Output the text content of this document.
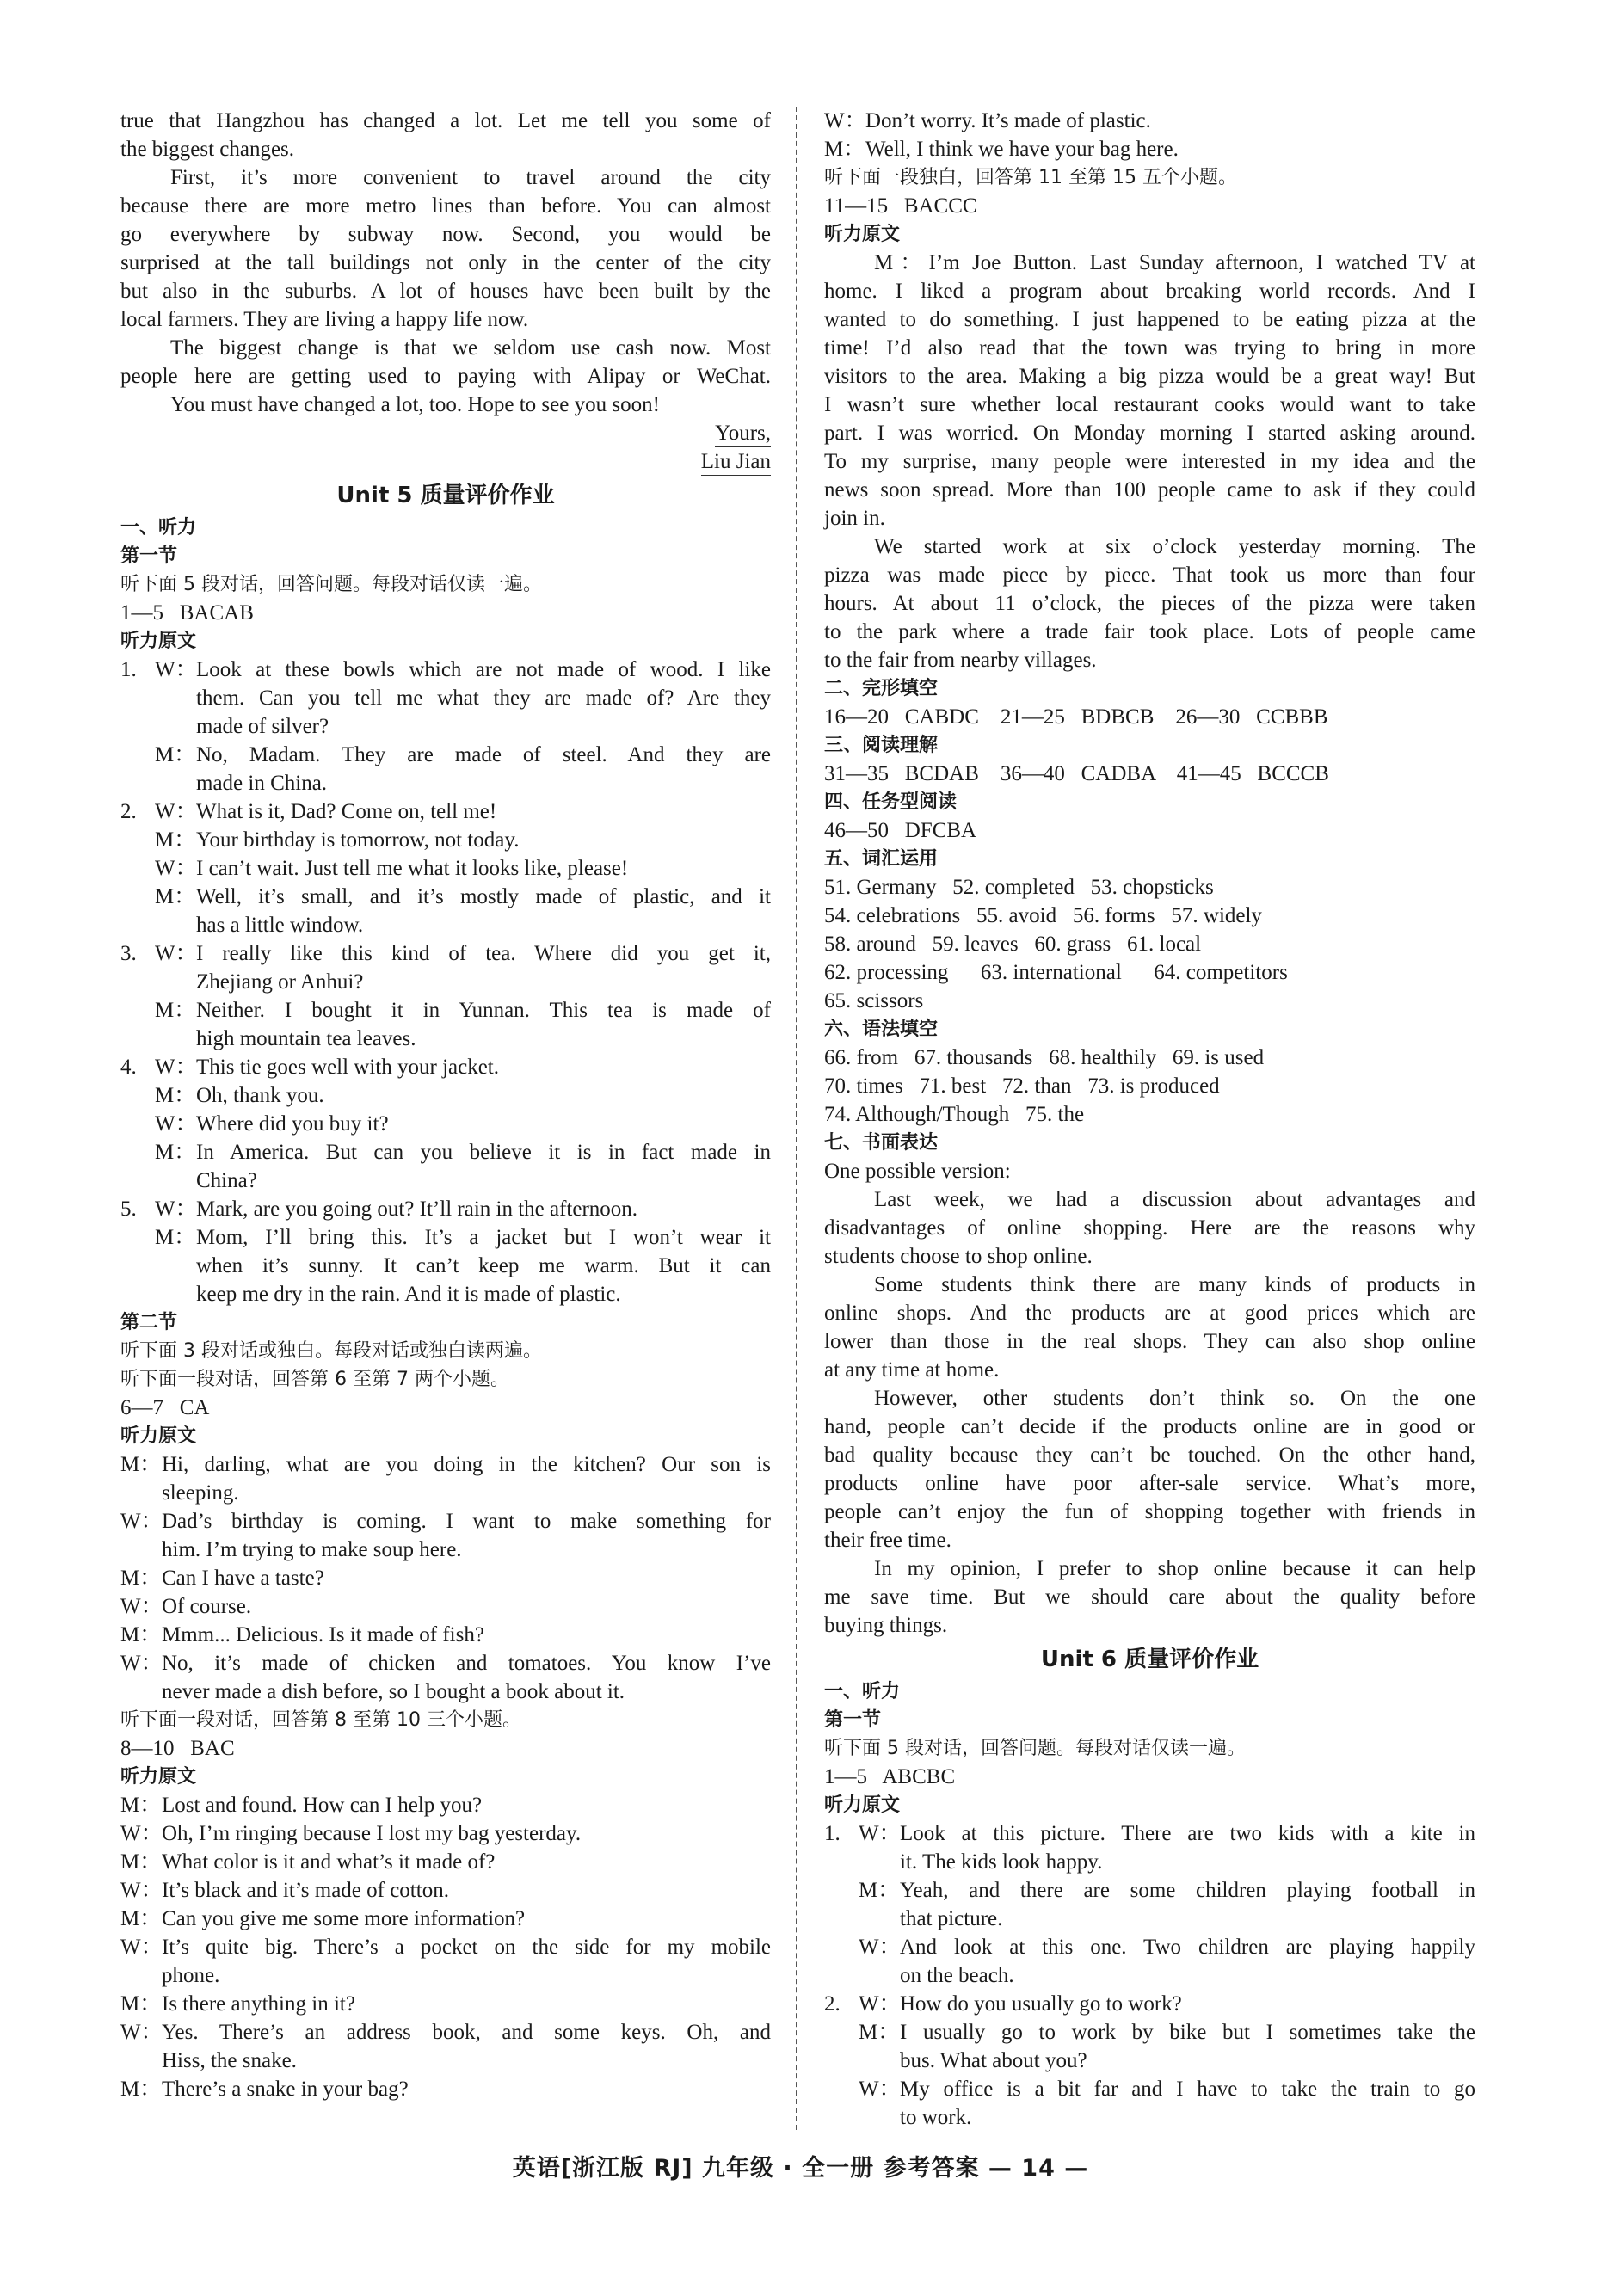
true that Hangzhou has changed a lot. Let me tell you some of
the biggest changes.
First, it’s more convenient to travel around the city
because there are more metro lines than before. You can almost
go everywhere by subway now. Second, you would be
surprised at the tall buildings not only in the center of the city
but also in the suburbs. A lot of houses have been built by the
local farmers. They are living a happy life now.
The biggest change is that we seldom use cash now. Most
people here are getting used to paying with Alipay or WeChat.
You must have changed a lot, too. Hope to see you soon!
Yours,
Liu Jian
Unit 5 质量评价作业
一、听力
第一节
听下面 5 段对话，回答问题。每段对话仅读一遍。
1—5   BACAB
听力原文
1. W： Look at these bowls which are not made of wood. I like
them. Can you tell me what they are made of? Are they
made of silver?
M： No, Madam. They are made of steel. And they are
made in China.
2. W： What is it, Dad? Come on, tell me!
M： Your birthday is tomorrow, not today.
W： I can’t wait. Just tell me what it looks like, please!
M： Well, it’s small, and it’s mostly made of plastic, and it
has a little window.
3. W： I really like this kind of tea. Where did you get it,
Zhejiang or Anhui?
M： Neither. I bought it in Yunnan. This tea is made of
high mountain tea leaves.
4. W： This tie goes well with your jacket.
M： Oh, thank you.
W： Where did you buy it?
M： In America. But can you believe it is in fact made in
China?
5. W： Mark, are you going out? It’ll rain in the afternoon.
M： Mom, I’ll bring this. It’s a jacket but I won’t wear it
when it’s sunny. It can’t keep me warm. But it can
keep me dry in the rain. And it is made of plastic.
第二节
听下面 3 段对话或独白。每段对话或独白读两遍。
听下面一段对话，回答第 6 至第 7 两个小题。
6—7   CA
听力原文
M： Hi, darling, what are you doing in the kitchen? Our son is
sleeping.
W： Dad’s birthday is coming. I want to make something for
him. I’m trying to make soup here.
M： Can I have a taste?
W： Of course.
M： Mmm... Delicious. Is it made of fish?
W： No, it’s made of chicken and tomatoes. You know I’ve
never made a dish before, so I bought a book about it.
听下面一段对话，回答第 8 至第 10 三个小题。
8—10   BAC
听力原文
M： Lost and found. How can I help you?
W： Oh, I’m ringing because I lost my bag yesterday.
M： What color is it and what’s it made of?
W： It’s black and it’s made of cotton.
M： Can you give me some more information?
W： It’s quite big. There’s a pocket on the side for my mobile
phone.
M： Is there anything in it?
W： Yes. There’s an address book, and some keys. Oh, and
Hiss, the snake.
M： There’s a snake in your bag?
W： Don’t worry. It’s made of plastic.
M： Well, I think we have your bag here.
听下面一段独白，回答第 11 至第 15 五个小题。
11—15   BACCC
听力原文
M：I’m Joe Button. Last Sunday afternoon, I watched TV at
home. I liked a program about breaking world records. And I
wanted to do something. I just happened to be eating pizza at the
time! I’d also read that the town was trying to bring in more
visitors to the area. Making a big pizza would be a great way! But
I wasn’t sure whether local restaurant cooks would want to take
part. I was worried. On Monday morning I started asking around.
To my surprise, many people were interested in my idea and the
news soon spread. More than 100 people came to ask if they could
join in.
We started work at six o’clock yesterday morning. The
pizza was made piece by piece. That took us more than four
hours. At about 11 o’clock, the pieces of the pizza were taken
to the park where a trade fair took place. Lots of people came
to the fair from nearby villages.
二、完形填空
16—20   CABDC    21—25   BDBCB    26—30   CCBBB
三、阅读理解
31—35   BCDAB    36—40   CADBA    41—45   BCCCB
四、任务型阅读
46—50   DFCBA
五、词汇运用
51. Germany   52. completed   53. chopsticks
54. celebrations   55. avoid   56. forms   57. widely
58. around   59. leaves   60. grass   61. local
62. processing      63. international      64. competitors
65. scissors
六、语法填空
66. from   67. thousands   68. healthily   69. is used
70. times   71. best   72. than   73. is produced
74. Although/Though   75. the
七、书面表达
One possible version:
Last week, we had a discussion about advantages and
disadvantages of online shopping. Here are the reasons why
students choose to shop online.
Some students think there are many kinds of products in
online shops. And the products are at good prices which are
lower than those in the real shops. They can also shop online
at any time at home.
However, other students don’t think so. On the one
hand, people can’t decide if the products online are in good or
bad quality because they can’t be touched. On the other hand,
products online have poor after-sale service. What’s more,
people can’t enjoy the fun of shopping together with friends in
their free time.
In my opinion, I prefer to shop online because it can help
me save time. But we should care about the quality before
buying things.
Unit 6 质量评价作业
一、听力
第一节
听下面 5 段对话，回答问题。每段对话仅读一遍。
1—5   ABCBC
听力原文
1. W： Look at this picture. There are two kids with a kite in
it. The kids look happy.
M： Yeah, and there are some children playing football in
that picture.
W： And look at this one. Two children are playing happily
on the beach.
2. W： How do you usually go to work?
M： I usually go to work by bike but I sometimes take the
bus. What about you?
W： My office is a bit far and I have to take the train to go
to work.
英语[浙江版 RJ] 九年级 · 全一册 参考答案 — 14 —
